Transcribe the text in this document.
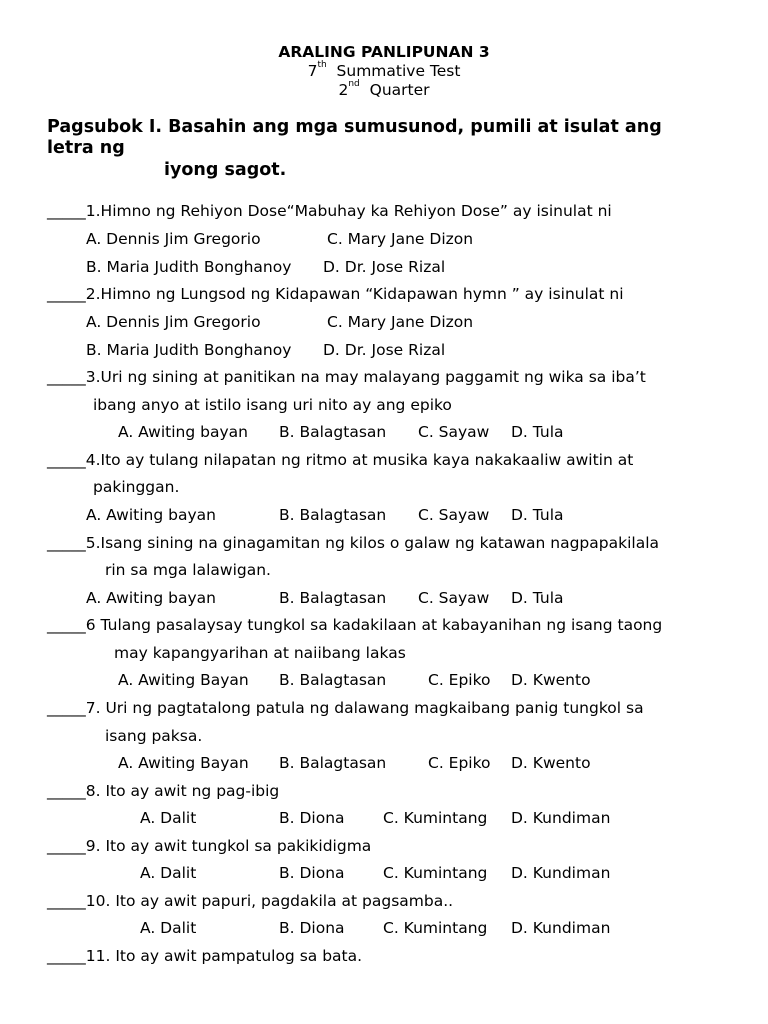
ARALING PANLIPUNAN 3
7th Summative Test
2nd Quarter
Pagsubok I. Basahin ang mga sumusunod, pumili at isulat ang
letra ng
iyong sagot.
_____1.Himno ng Rehiyon Dose“Mabuhay ka Rehiyon Dose” ay isinulat ni
A. Dennis Jim Gregorio	C. Mary Jane Dizon
B. Maria Judith Bonghanoy D. Dr. Jose Rizal
_____2.Himno ng Lungsod ng Kidapawan “Kidapawan hymn ” ay isinulat ni
A. Dennis Jim Gregorio	C. Mary Jane Dizon
B. Maria Judith Bonghanoy D. Dr. Jose Rizal
_____3.Uri ng sining at panitikan na may malayang paggamit ng wika sa iba’t
ibang anyo at istilo isang uri nito ay ang epiko
A. Awiting bayan B. Balagtasan C. Sayaw D. Tula
_____4.Ito ay tulang nilapatan ng ritmo at musika kaya nakakaaliw awitin at
pakinggan.
A. Awiting bayan	B. Balagtasan C. Sayaw D. Tula
_____5.Isang sining na ginagamitan ng kilos o galaw ng katawan nagpapakilala
rin sa mga lalawigan.
A. Awiting bayan	B. Balagtasan C. Sayaw D. Tula
_____6 Tulang pasalaysay tungkol sa kadakilaan at kabayanihan ng isang taong
may kapangyarihan at naiibang lakas
A. Awiting Bayan B. Balagtasan	C. Epiko D. Kwento
_____7. Uri ng pagtatalong patula ng dalawang magkaibang panig tungkol sa
isang paksa.
A. Awiting Bayan B. Balagtasan	C. Epiko D. Kwento
_____8. Ito ay awit ng pag-ibig
A. Dalit	B. Diona C. Kumintang D. Kundiman
_____9. Ito ay awit tungkol sa pakikidigma
A. Dalit	B. Diona C. Kumintang D. Kundiman
_____10. Ito ay awit papuri, pagdakila at pagsamba..
A. Dalit	B. Diona C. Kumintang D. Kundiman
_____11. Ito ay awit pampatulog sa bata.
